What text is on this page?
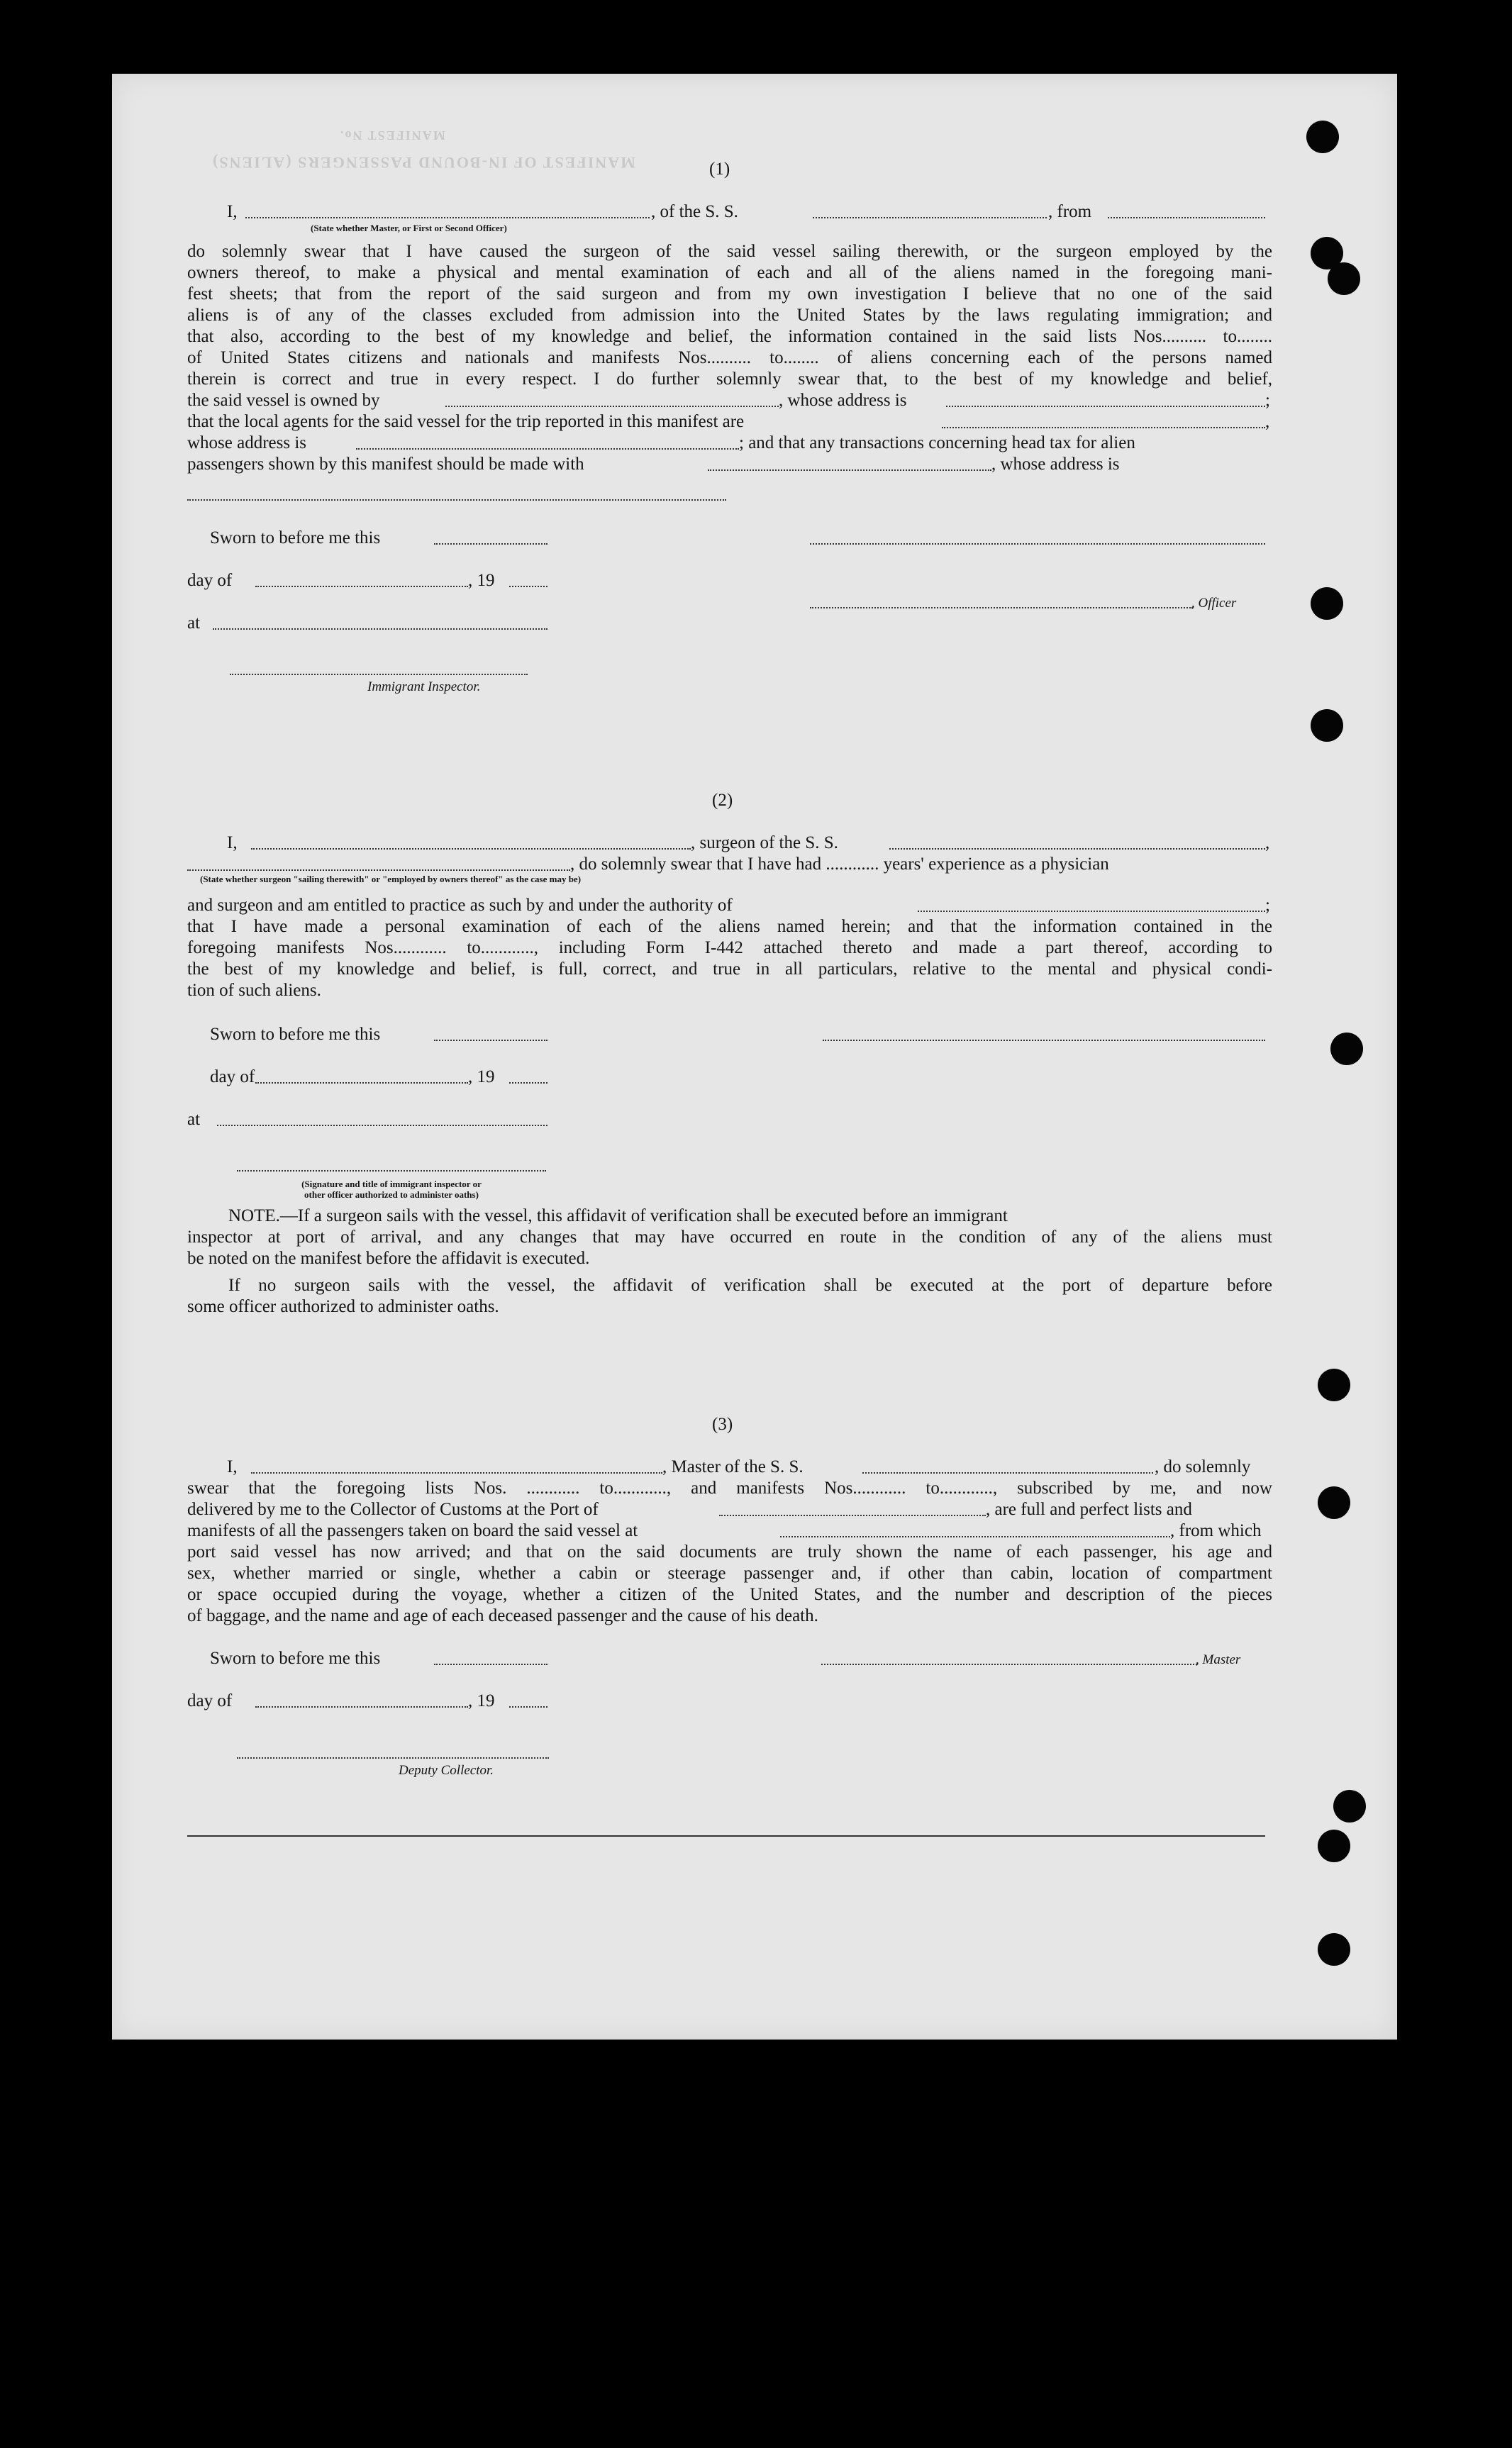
MANIFEST OF IN-BOUND PASSENGERS (ALIENS)
MANIFEST No.
(1)
I,	, of the S. S.	, from
(State whether Master, or First or Second Officer)
do solemnly swear that I have caused the surgeon of the said vessel sailing therewith, or the surgeon employed by the
owners thereof, to make a physical and mental examination of each and all of the aliens named in the foregoing mani-
fest sheets; that from the report of the said surgeon and from my own investigation I believe that no one of the said
aliens is of any of the classes excluded from admission into the United States by the laws regulating immigration; and
that also, according to the best of my knowledge and belief, the information contained in the said lists Nos.......... to........
of United States citizens and nationals and manifests Nos.......... to........ of aliens concerning each of the persons named
therein is correct and true in every respect. I do further solemnly swear that, to the best of my knowledge and belief,
the said vessel is owned by	, whose address is	;
that the local agents for the said vessel for the trip reported in this manifest are	,
whose address is	; and that any transactions concerning head tax for alien
passengers shown by this manifest should be made with	, whose address is
Sworn to before me this
day of	, 19
, Officer
at
Immigrant Inspector.
(2)
I,	, surgeon of the S. S.	,
, do solemnly swear that I have had ............ years' experience as a physician
(State whether surgeon "sailing therewith" or "employed by owners thereof" as the case may be)
and surgeon and am entitled to practice as such by and under the authority of	;
that I have made a personal examination of each of the aliens named herein; and that the information contained in the
foregoing manifests Nos............ to............, including Form I-442 attached thereto and made a part thereof, according to
the best of my knowledge and belief, is full, correct, and true in all particulars, relative to the mental and physical condi-
tion of such aliens.
Sworn to before me this
day of	, 19
at
(Signature and title of immigrant inspector or
other officer authorized to administer oaths)
NOTE.—If a surgeon sails with the vessel, this affidavit of verification shall be executed before an immigrant
inspector at port of arrival, and any changes that may have occurred en route in the condition of any of the aliens must
be noted on the manifest before the affidavit is executed.
If no surgeon sails with the vessel, the affidavit of verification shall be executed at the port of departure before
some officer authorized to administer oaths.
(3)
I,	, Master of the S. S.	, do solemnly
swear that the foregoing lists Nos. ............ to............, and manifests Nos............ to............, subscribed by me, and now
delivered by me to the Collector of Customs at the Port of	, are full and perfect lists and
manifests of all the passengers taken on board the said vessel at	, from which
port said vessel has now arrived; and that on the said documents are truly shown the name of each passenger, his age and
sex, whether married or single, whether a cabin or steerage passenger and, if other than cabin, location of compartment
or space occupied during the voyage, whether a citizen of the United States, and the number and description of the pieces
of baggage, and the name and age of each deceased passenger and the cause of his death.
Sworn to before me this	, Master
day of	, 19
Deputy Collector.
